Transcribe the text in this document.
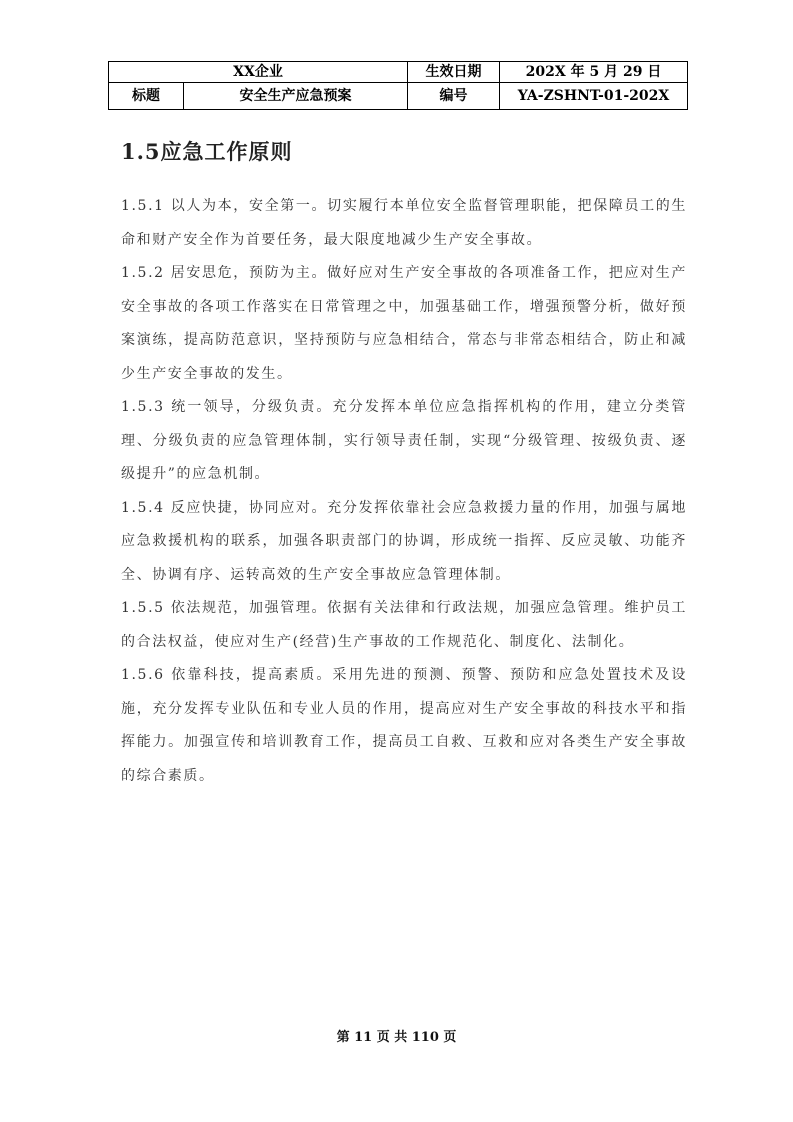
XX企业		生效日期	202X 年 5 月 29 日
标题	安全生产应急预案	编号	YA-ZSHNT-01-202X
1.5应急工作原则

1.5.1 以人为本，安全第一。切实履行本单位安全监督管理职能，把保障员工的生命和财产安全作为首要任务，最大限度地减少生产安全事故。

1.5.2 居安思危，预防为主。做好应对生产安全事故的各项准备工作，把应对生产安全事故的各项工作落实在日常管理之中，加强基础工作，增强预警分析，做好预案演练，提高防范意识，坚持预防与应急相结合，常态与非常态相结合，防止和减少生产安全事故的发生。

1.5.3 统一领导，分级负责。充分发挥本单位应急指挥机构的作用，建立分类管理、分级负责的应急管理体制，实行领导责任制，实现“分级管理、按级负责、逐级提升”的应急机制。

1.5.4 反应快捷，协同应对。充分发挥依靠社会应急救援力量的作用，加强与属地应急救援机构的联系，加强各职责部门的协调，形成统一指挥、反应灵敏、功能齐全、协调有序、运转高效的生产安全事故应急管理体制。

1.5.5 依法规范，加强管理。依据有关法律和行政法规，加强应急管理。维护员工的合法权益，使应对生产(经营)生产事故的工作规范化、制度化、法制化。

1.5.6 依靠科技，提高素质。采用先进的预测、预警、预防和应急处置技术及设施，充分发挥专业队伍和专业人员的作用，提高应对生产安全事故的科技水平和指挥能力。加强宣传和培训教育工作，提高员工自救、互救和应对各类生产安全事故的综合素质。

第 11 页 共 110 页
